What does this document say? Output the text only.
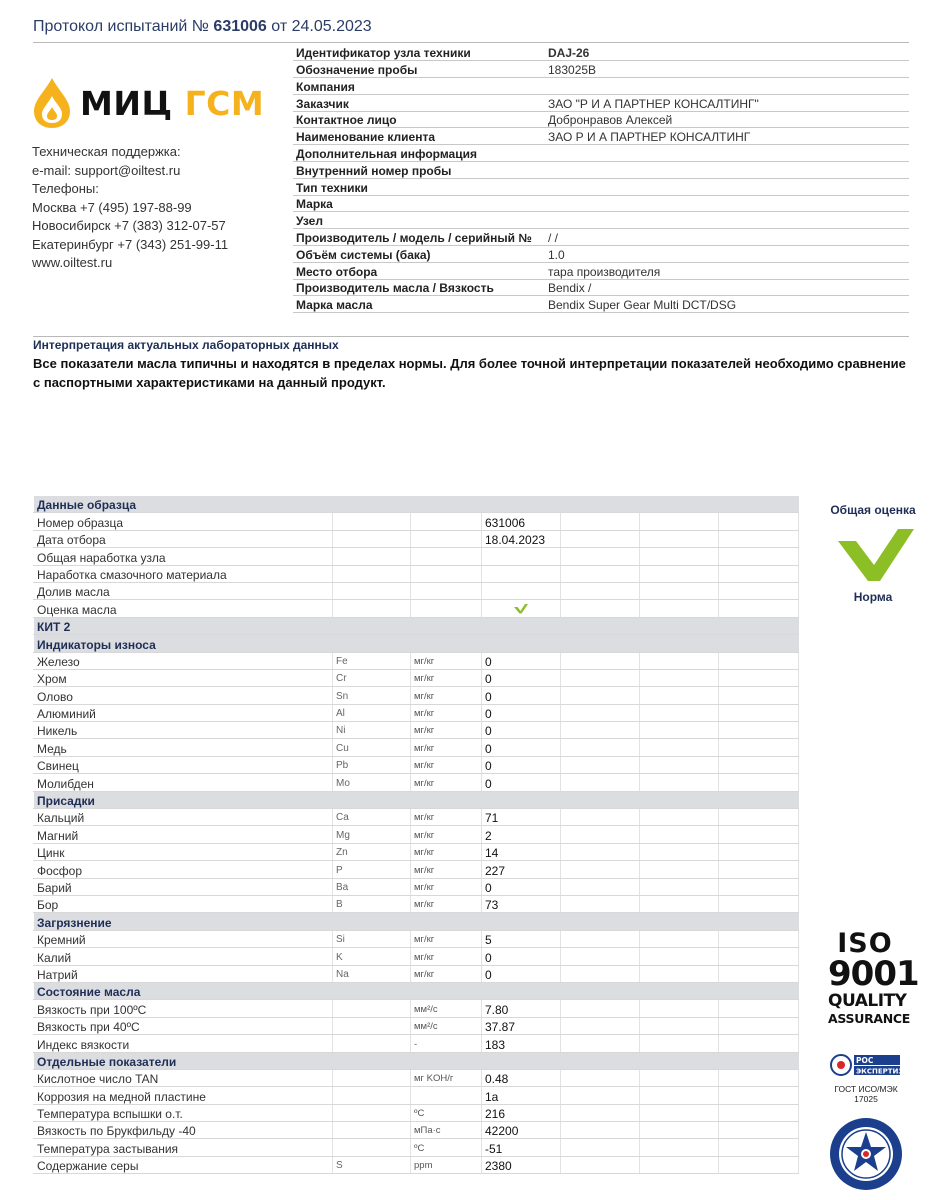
Протокол испытаний № 631006 от 24.05.2023
МИЦ ГСМ
Техническая поддержка:
e-mail: support@oiltest.ru
Телефоны:
Москва +7 (495) 197-88-99
Новосибирск +7 (383) 312-07-57
Екатеринбург +7 (343) 251-99-11
www.oiltest.ru
Идентификатор узла техники	DAJ-26
Обозначение пробы	183025B
Компания	
Заказчик	ЗАО "Р И А ПАРТНЕР КОНСАЛТИНГ"
Контактное лицо	Добронравов Алексей
Наименование клиента	ЗАО Р И А ПАРТНЕР КОНСАЛТИНГ
Дополнительная информация	
Внутренний номер пробы	
Тип техники	
Марка	
Узел	
Производитель / модель / серийный №	/ /
Объём системы (бака)	1.0
Место отбора	тара производителя
Производитель масла / Вязкость	Bendix /
Марка масла	Bendix Super Gear Multi DCT/DSG
Интерпретация актуальных лабораторных данных
Все показатели масла типичны и находятся в пределах нормы. Для более точной интерпретации показателей необходимо сравнение с паспортными характеристиками на данный продукт.
Данные образца						
Номер образца			631006			
Дата отбора			18.04.2023			
Общая наработка узла						
Наработка смазочного материала						
Долив масла						
Оценка масла						
КИТ 2						
Индикаторы износа						
Железо	Fe	мг/кг	0			
Хром	Cr	мг/кг	0			
Олово	Sn	мг/кг	0			
Алюминий	Al	мг/кг	0			
Никель	Ni	мг/кг	0			
Медь	Cu	мг/кг	0			
Свинец	Pb	мг/кг	0			
Молибден	Mo	мг/кг	0			
Присадки						
Кальций	Ca	мг/кг	71			
Магний	Mg	мг/кг	2			
Цинк	Zn	мг/кг	14			
Фосфор	P	мг/кг	227			
Барий	Ba	мг/кг	0			
Бор	B	мг/кг	73			
Загрязнение						
Кремний	Si	мг/кг	5			
Калий	K	мг/кг	0			
Натрий	Na	мг/кг	0			
Состояние масла						
Вязкость при 100ºC		мм²/с	7.80			
Вязкость при 40ºC		мм²/с	37.87			
Индекс вязкости		-	183			
Отдельные показатели						
Кислотное число TAN		мг KOH/г	0.48			
Коррозия на медной пластине			1a			
Температура вспышки о.т.		ºC	216			
Вязкость по Брукфильду -40		мПа·с	42200			
Температура застывания		ºC	-51			
Содержание серы	S	ppm	2380			
Общая оценка
Норма
ISO
9001
QUALITY
ASSURANCE
РОС
ЭКСПЕРТИЗА
ГОСТ ИСО/МЭК
17025
